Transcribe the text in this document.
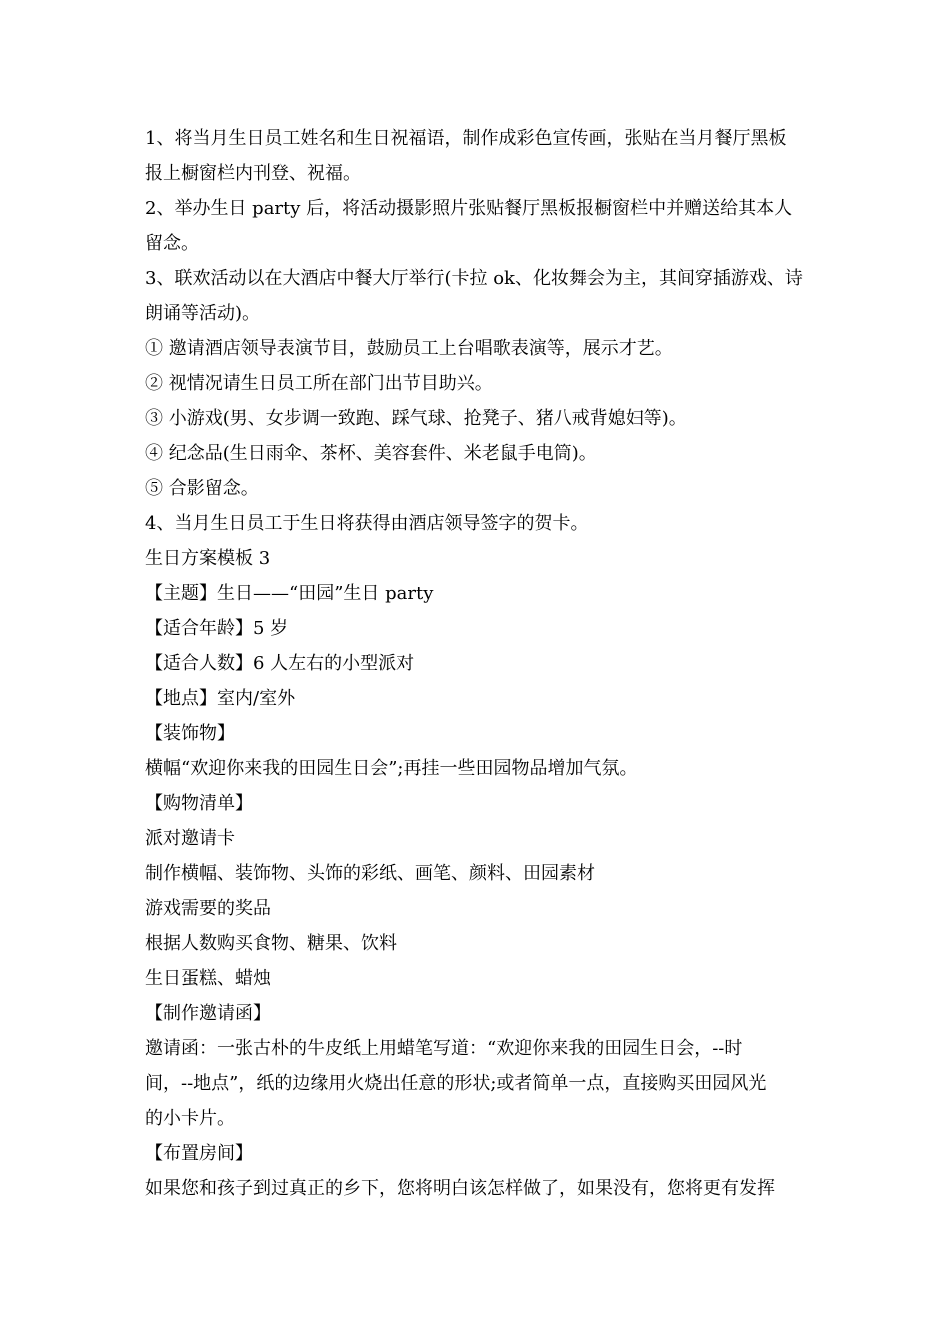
1、将当月生日员工姓名和生日祝福语，制作成彩色宣传画，张贴在当月餐厅黑板
报上橱窗栏内刊登、祝福。
2、举办生日 party 后，将活动摄影照片张贴餐厅黑板报橱窗栏中并赠送给其本人
留念。
3、联欢活动以在大酒店中餐大厅举行(卡拉 ok、化妆舞会为主，其间穿插游戏、诗
朗诵等活动)。
① 邀请酒店领导表演节目，鼓励员工上台唱歌表演等，展示才艺。
② 视情况请生日员工所在部门出节目助兴。
③ 小游戏(男、女步调一致跑、踩气球、抢凳子、猪八戒背媳妇等)。
④ 纪念品(生日雨伞、茶杯、美容套件、米老鼠手电筒)。
⑤ 合影留念。
4、当月生日员工于生日将获得由酒店领导签字的贺卡。
生日方案模板 3
【主题】生日——“田园”生日 party
【适合年龄】5 岁
【适合人数】6 人左右的小型派对
【地点】室内/室外
【装饰物】
横幅“欢迎你来我的田园生日会”;再挂一些田园物品增加气氛。
【购物清单】
派对邀请卡
制作横幅、装饰物、头饰的彩纸、画笔、颜料、田园素材
游戏需要的奖品
根据人数购买食物、糖果、饮料
生日蛋糕、蜡烛
【制作邀请函】
邀请函：一张古朴的牛皮纸上用蜡笔写道：“欢迎你来我的田园生日会，--时
间，--地点”，纸的边缘用火烧出任意的形状;或者简单一点，直接购买田园风光
的小卡片。
【布置房间】
如果您和孩子到过真正的乡下，您将明白该怎样做了，如果没有，您将更有发挥
